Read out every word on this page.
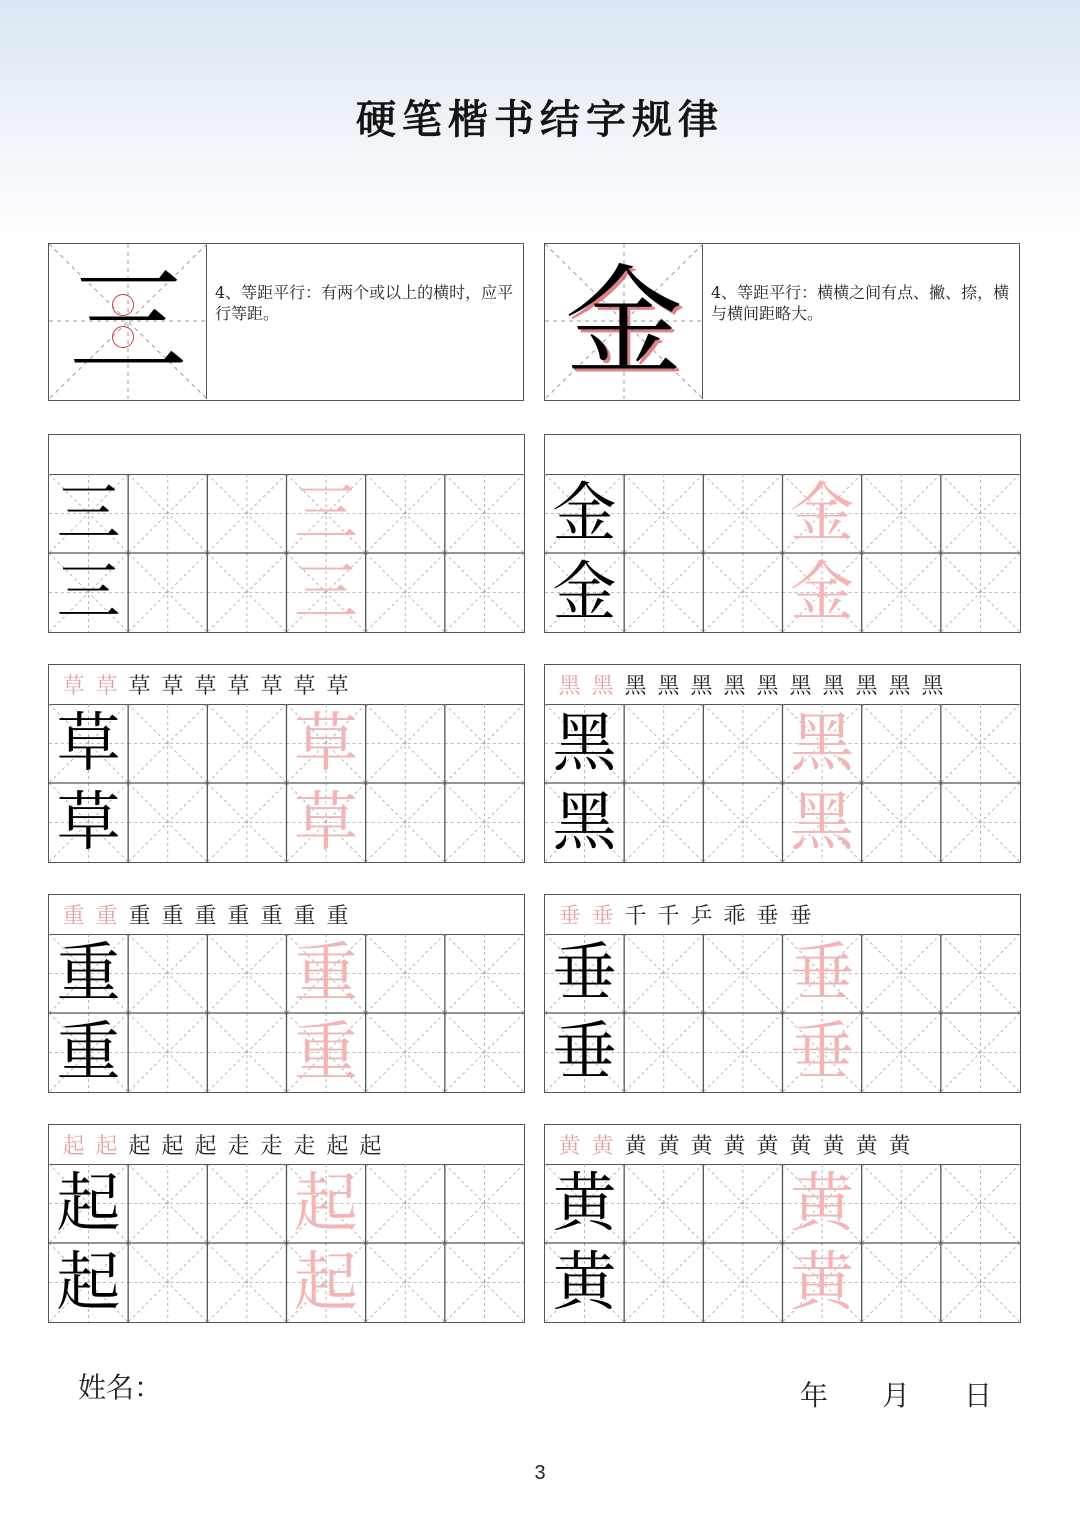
硬笔楷书结字规律
三	4、等距平行：有两个或以上的横时，应平行等距。	金	4、等距平行：横横之间有点、撇、捺，横与横间距略大。
三	三
三	三
金	金
金	金
草 草 草 草 草 草 草 草 草
草	草
草	草
黑 黑 黑 黑 黑 黑 黑 黑 黑 黑 黑 黑
黑	黑
黑	黑
重 重 重 重 重 重 重 重 重
重	重
重	重
垂 垂 千 千 乒 乖 垂 垂
垂	垂
垂	垂
起 起 起 起 起 走 走 走 起 起
起	起
起	起
黄 黄 黄 黄 黄 黄 黄 黄 黄 黄 黄
黄	黄
黄	黄
姓名：	年 月 日
3
